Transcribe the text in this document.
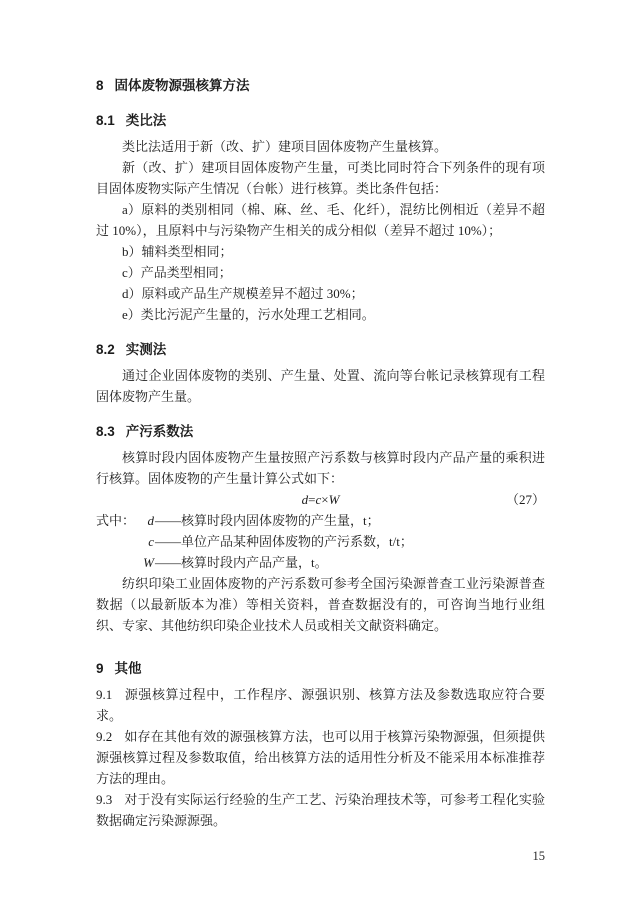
8 固体废物源强核算方法
8.1 类比法

类比法适用于新（改、扩）建项目固体废物产生量核算。

新（改、扩）建项目固体废物产生量，可类比同时符合下列条件的现有项目固体废物实际产生情况（台帐）进行核算。类比条件包括：

a）原料的类别相同（棉、麻、丝、毛、化纤），混纺比例相近（差异不超过 10%），且原料中与污染物产生相关的成分相似（差异不超过 10%）；

b）辅料类型相同；

c）产品类型相同；

d）原料或产品生产规模差异不超过 30%；

e）类比污泥产生量的，污水处理工艺相同。

8.2 实测法

通过企业固体废物的类别、产生量、处置、流向等台帐记录核算现有工程固体废物产生量。

8.3 产污系数法

核算时段内固体废物产生量按照产污系数与核算时段内产品产量的乘积进行核算。固体废物的产生量计算公式如下：

d=c×W	（27）

式中： d ——核算时段内固体废物的产生量，t；

c ——单位产品某种固体废物的产污系数，t/t；

W ——核算时段内产品产量，t。

纺织印染工业固体废物的产污系数可参考全国污染源普查工业污染源普查数据（以最新版本为准）等相关资料，普查数据没有的，可咨询当地行业组织、专家、其他纺织印染企业技术人员或相关文献资料确定。

9 其他

9.1 源强核算过程中，工作程序、源强识别、核算方法及参数选取应符合要求。

9.2 如存在其他有效的源强核算方法，也可以用于核算污染物源强，但须提供源强核算过程及参数取值，给出核算方法的适用性分析及不能采用本标准推荐方法的理由。

9.3 对于没有实际运行经验的生产工艺、污染治理技术等，可参考工程化实验数据确定污染源源强。

15
